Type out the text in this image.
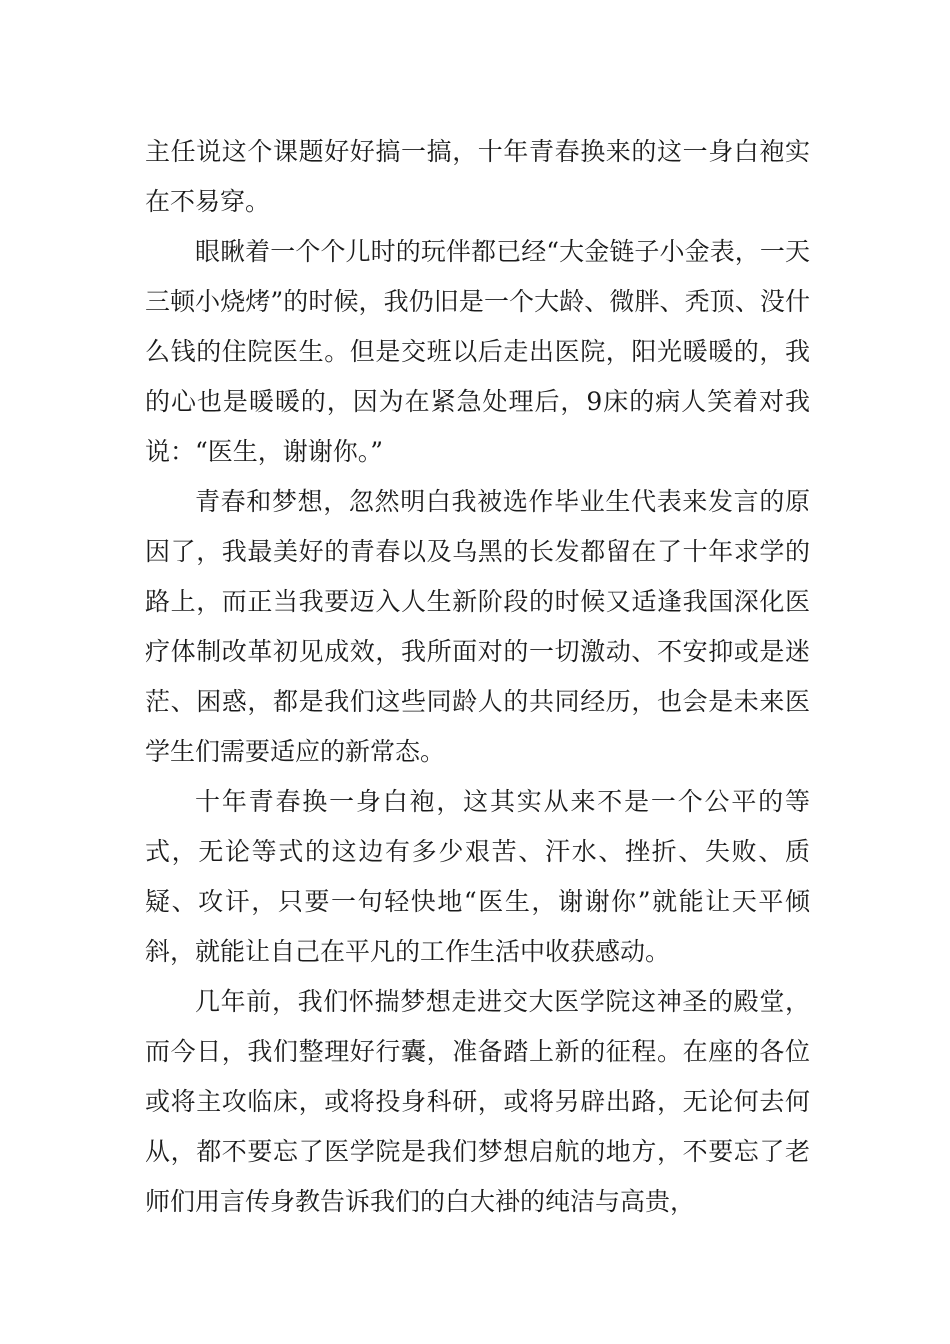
主任说这个课题好好搞一搞，十年青春换来的这一身白袍实在不易穿。

眼瞅着一个个儿时的玩伴都已经“大金链子小金表，一天三顿小烧烤”的时候，我仍旧是一个大龄、微胖、秃顶、没什么钱的住院医生。但是交班以后走出医院，阳光暖暖的，我的心也是暖暖的，因为在紧急处理后，9床的病人笑着对我说：“医生，谢谢你。”

青春和梦想，忽然明白我被选作毕业生代表来发言的原因了，我最美好的青春以及乌黑的长发都留在了十年求学的路上，而正当我要迈入人生新阶段的时候又适逢我国深化医疗体制改革初见成效，我所面对的一切激动、不安抑或是迷茫、困惑，都是我们这些同龄人的共同经历，也会是未来医学生们需要适应的新常态。

十年青春换一身白袍，这其实从来不是一个公平的等式，无论等式的这边有多少艰苦、汗水、挫折、失败、质疑、攻讦，只要一句轻快地“医生，谢谢你”就能让天平倾斜，就能让自己在平凡的工作生活中收获感动。

几年前，我们怀揣梦想走进交大医学院这神圣的殿堂，而今日，我们整理好行囊，准备踏上新的征程。在座的各位或将主攻临床，或将投身科研，或将另辟出路，无论何去何从，都不要忘了医学院是我们梦想启航的地方，不要忘了老师们用言传身教告诉我们的白大褂的纯洁与高贵，
